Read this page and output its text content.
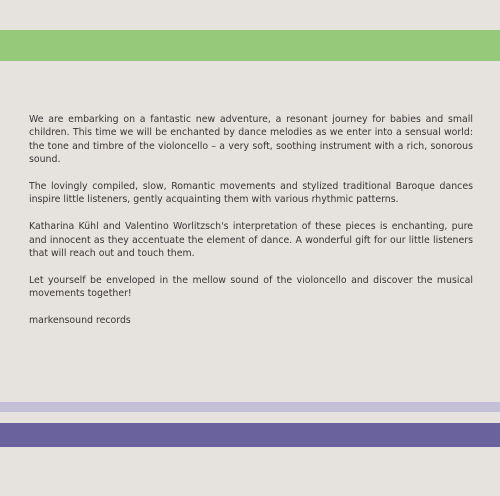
We are embarking on a fantastic new adventure, a resonant journey for babies and small children. This time we will be enchanted by dance melodies as we enter into a sensual world: the tone and timbre of the violoncello – a very soft, soothing instrument with a rich, sonorous sound.

The lovingly compiled, slow, Romantic movements and stylized traditional Baroque dances inspire little listeners, gently acquainting them with various rhythmic patterns.

Katharina Kühl and Valentino Worlitzsch's interpretation of these pieces is enchanting, pure and innocent as they accentuate the element of dance. A wonderful gift for our little listeners that will reach out and touch them.

Let yourself be enveloped in the mellow sound of the violoncello and discover the musical movements together!

markensound records
